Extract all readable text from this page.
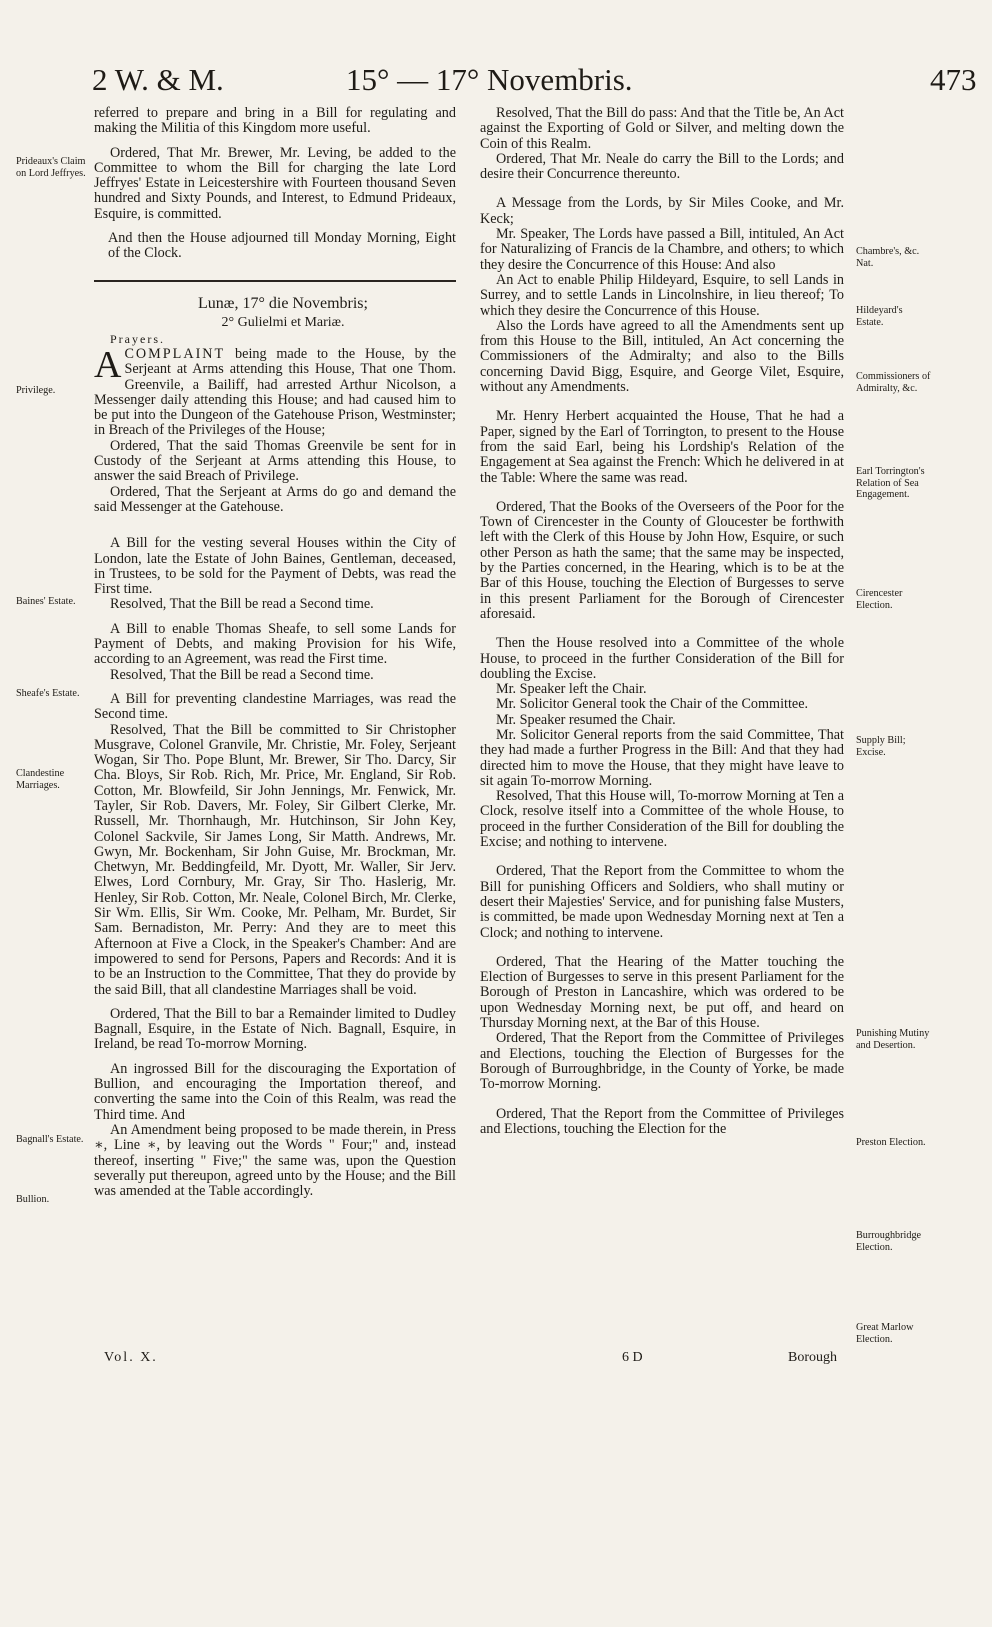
2 W. & M.	15° — 17° Novembris.	473

referred to prepare and bring in a Bill for regulating and making the Militia of this Kingdom more useful.

Ordered, That Mr. Brewer, Mr. Leving, be added to the Committee to whom the Bill for charging the late Lord Jeffryes' Estate in Leicestershire with Fourteen thousand Seven hundred and Sixty Pounds, and Interest, to Edmund Prideaux, Esquire, is committed.

And then the House adjourned till Monday Morning, Eight of the Clock.

Lunæ, 17° die Novembris;

2° Gulielmi et Mariæ.

Prayers.

ACOMPLAINT being made to the House, by the Serjeant at Arms attending this House, That one Thom. Greenvile, a Bailiff, had arrested Arthur Nicolson, a Messenger daily attending this House; and had caused him to be put into the Dungeon of the Gatehouse Prison, Westminster; in Breach of the Privileges of the House;

Ordered, That the said Thomas Greenvile be sent for in Custody of the Serjeant at Arms attending this House, to answer the said Breach of Privilege.

Ordered, That the Serjeant at Arms do go and demand the said Messenger at the Gatehouse.

A Bill for the vesting several Houses within the City of London, late the Estate of John Baines, Gentleman, deceased, in Trustees, to be sold for the Payment of Debts, was read the First time.

Resolved, That the Bill be read a Second time.

A Bill to enable Thomas Sheafe, to sell some Lands for Payment of Debts, and making Provision for his Wife, according to an Agreement, was read the First time.

Resolved, That the Bill be read a Second time.

A Bill for preventing clandestine Marriages, was read the Second time.

Resolved, That the Bill be committed to Sir Christopher Musgrave, Colonel Granvile, Mr. Christie, Mr. Foley, Serjeant Wogan, Sir Tho. Pope Blunt, Mr. Brewer, Sir Tho. Darcy, Sir Cha. Bloys, Sir Rob. Rich, Mr. Price, Mr. England, Sir Rob. Cotton, Mr. Blowfeild, Sir John Jennings, Mr. Fenwick, Mr. Tayler, Sir Rob. Davers, Mr. Foley, Sir Gilbert Clerke, Mr. Russell, Mr. Thornhaugh, Mr. Hutchinson, Sir John Key, Colonel Sackvile, Sir James Long, Sir Matth. Andrews, Mr. Gwyn, Mr. Bockenham, Sir John Guise, Mr. Brockman, Mr. Chetwyn, Mr. Beddingfeild, Mr. Dyott, Mr. Waller, Sir Jerv. Elwes, Lord Cornbury, Mr. Gray, Sir Tho. Haslerig, Mr. Henley, Sir Rob. Cotton, Mr. Neale, Colonel Birch, Mr. Clerke, Sir Wm. Ellis, Sir Wm. Cooke, Mr. Pelham, Mr. Burdet, Sir Sam. Bernadiston, Mr. Perry: And they are to meet this Afternoon at Five a Clock, in the Speaker's Chamber: And are impowered to send for Persons, Papers and Records: And it is to be an Instruction to the Committee, That they do provide by the said Bill, that all clandestine Marriages shall be void.

Ordered, That the Bill to bar a Remainder limited to Dudley Bagnall, Esquire, in the Estate of Nich. Bagnall, Esquire, in Ireland, be read To-morrow Morning.

An ingrossed Bill for the discouraging the Exportation of Bullion, and encouraging the Importation thereof, and converting the same into the Coin of this Realm, was read the Third time. And

An Amendment being proposed to be made therein, in Press ∗, Line ∗, by leaving out the Words " Four;" and, instead thereof, inserting " Five;" the same was, upon the Question severally put thereupon, agreed unto by the House; and the Bill was amended at the Table accordingly.

Resolved, That the Bill do pass: And that the Title be, An Act against the Exporting of Gold or Silver, and melting down the Coin of this Realm.

Ordered, That Mr. Neale do carry the Bill to the Lords; and desire their Concurrence thereunto.

A Message from the Lords, by Sir Miles Cooke, and Mr. Keck;

Mr. Speaker, The Lords have passed a Bill, intituled, An Act for Naturalizing of Francis de la Chambre, and others; to which they desire the Concurrence of this House: And also

An Act to enable Philip Hildeyard, Esquire, to sell Lands in Surrey, and to settle Lands in Lincolnshire, in lieu thereof; To which they desire the Concurrence of this House.

Also the Lords have agreed to all the Amendments sent up from this House to the Bill, intituled, An Act concerning the Commissioners of the Admiralty; and also to the Bills concerning David Bigg, Esquire, and George Vilet, Esquire, without any Amendments.

Mr. Henry Herbert acquainted the House, That he had a Paper, signed by the Earl of Torrington, to present to the House from the said Earl, being his Lordship's Relation of the Engagement at Sea against the French: Which he delivered in at the Table: Where the same was read.

Ordered, That the Books of the Overseers of the Poor for the Town of Cirencester in the County of Gloucester be forthwith left with the Clerk of this House by John How, Esquire, or such other Person as hath the same; that the same may be inspected, by the Parties concerned, in the Hearing, which is to be at the Bar of this House, touching the Election of Burgesses to serve in this present Parliament for the Borough of Cirencester aforesaid.

Then the House resolved into a Committee of the whole House, to proceed in the further Consideration of the Bill for doubling the Excise.

Mr. Speaker left the Chair.

Mr. Solicitor General took the Chair of the Committee.

Mr. Speaker resumed the Chair.

Mr. Solicitor General reports from the said Committee, That they had made a further Progress in the Bill: And that they had directed him to move the House, that they might have leave to sit again To-morrow Morning.

Resolved, That this House will, To-morrow Morning at Ten a Clock, resolve itself into a Committee of the whole House, to proceed in the further Consideration of the Bill for doubling the Excise; and nothing to intervene.

Ordered, That the Report from the Committee to whom the Bill for punishing Officers and Soldiers, who shall mutiny or desert their Majesties' Service, and for punishing false Musters, is committed, be made upon Wednesday Morning next at Ten a Clock; and nothing to intervene.

Ordered, That the Hearing of the Matter touching the Election of Burgesses to serve in this present Parliament for the Borough of Preston in Lancashire, which was ordered to be upon Wednesday Morning next, be put off, and heard on Thursday Morning next, at the Bar of this House.

Ordered, That the Report from the Committee of Privileges and Elections, touching the Election of Burgesses for the Borough of Burroughbridge, in the County of Yorke, be made To-morrow Morning.

Ordered, That the Report from the Committee of Privileges and Elections, touching the Election for the

Prideaux's Claim on Lord Jeffryes.
Privilege.
Baines' Estate.
Sheafe's Estate.
Clandestine Marriages.
Bagnall's Estate.
Bullion.
Chambre's, &c. Nat.
Hildeyard's Estate.
Commissioners of Admiralty, &c.
Earl Torrington's Relation of Sea Engagement.
Cirencester Election.
Supply Bill; Excise.
Punishing Mutiny and Desertion.
Preston Election.
Burroughbridge Election.
Great Marlow Election.
Vol. X.	6 D	Borough
